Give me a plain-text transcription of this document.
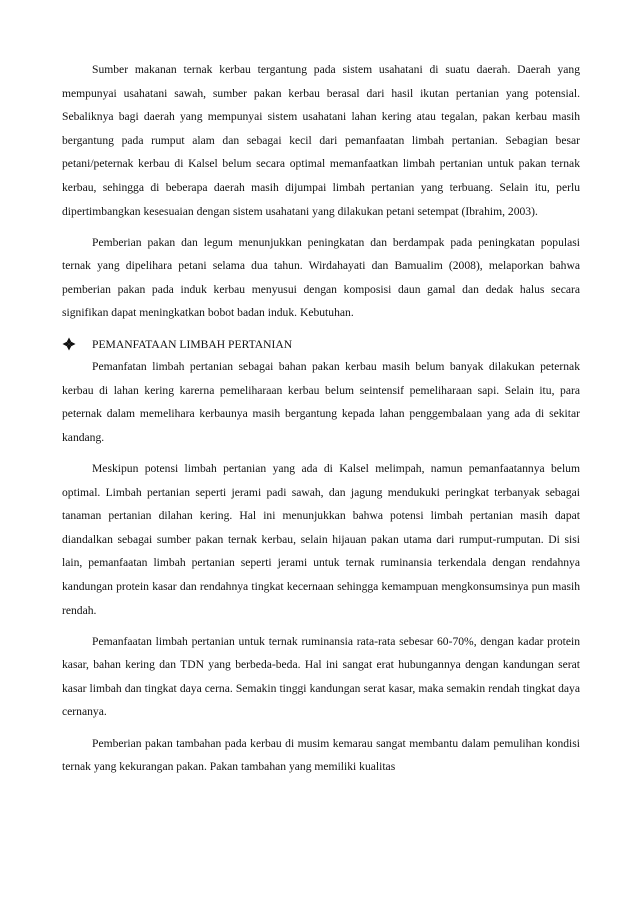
Sumber makanan ternak kerbau tergantung pada sistem usahatani di suatu daerah. Daerah yang mempunyai usahatani sawah, sumber pakan kerbau berasal dari hasil ikutan pertanian yang potensial. Sebaliknya bagi daerah yang mempunyai sistem usahatani lahan kering atau tegalan, pakan kerbau masih bergantung pada rumput alam dan sebagai kecil dari pemanfaatan limbah pertanian. Sebagian besar petani/peternak kerbau di Kalsel belum secara optimal memanfaatkan limbah pertanian untuk pakan ternak kerbau, sehingga di beberapa daerah masih dijumpai limbah pertanian yang terbuang. Selain itu, perlu dipertimbangkan kesesuaian dengan sistem usahatani yang dilakukan petani setempat (Ibrahim, 2003).

Pemberian pakan dan legum menunjukkan peningkatan dan berdampak pada peningkatan populasi ternak yang dipelihara petani selama dua tahun. Wirdahayati dan Bamualim (2008), melaporkan bahwa pemberian pakan pada induk kerbau menyusui dengan komposisi daun gamal dan dedak halus secara signifikan dapat meningkatkan bobot badan induk. Kebutuhan.

PEMANFATAAN LIMBAH PERTANIAN

Pemanfatan limbah pertanian sebagai bahan pakan kerbau masih belum banyak dilakukan peternak kerbau di lahan kering karerna pemeliharaan kerbau belum seintensif pemeliharaan sapi. Selain itu, para peternak dalam memelihara kerbaunya masih bergantung kepada lahan penggembalaan yang ada di sekitar kandang.

Meskipun potensi limbah pertanian yang ada di Kalsel melimpah, namun pemanfaatannya belum optimal. Limbah pertanian seperti jerami padi sawah, dan jagung mendukuki peringkat terbanyak sebagai tanaman pertanian dilahan kering. Hal ini menunjukkan bahwa potensi limbah pertanian masih dapat diandalkan sebagai sumber pakan ternak kerbau, selain hijauan pakan utama dari rumput-rumputan. Di sisi lain, pemanfaatan limbah pertanian seperti jerami untuk ternak ruminansia terkendala dengan rendahnya kandungan protein kasar dan rendahnya tingkat kecernaan sehingga kemampuan mengkonsumsinya pun masih rendah.

Pemanfaatan limbah pertanian untuk ternak ruminansia rata-rata sebesar 60-70%, dengan kadar protein kasar, bahan kering dan TDN yang berbeda-beda. Hal ini sangat erat hubungannya dengan kandungan serat kasar limbah dan tingkat daya cerna. Semakin tinggi kandungan serat kasar, maka semakin rendah tingkat daya cernanya.

Pemberian pakan tambahan pada kerbau di musim kemarau sangat membantu dalam pemulihan kondisi ternak yang kekurangan pakan. Pakan tambahan yang memiliki kualitas
